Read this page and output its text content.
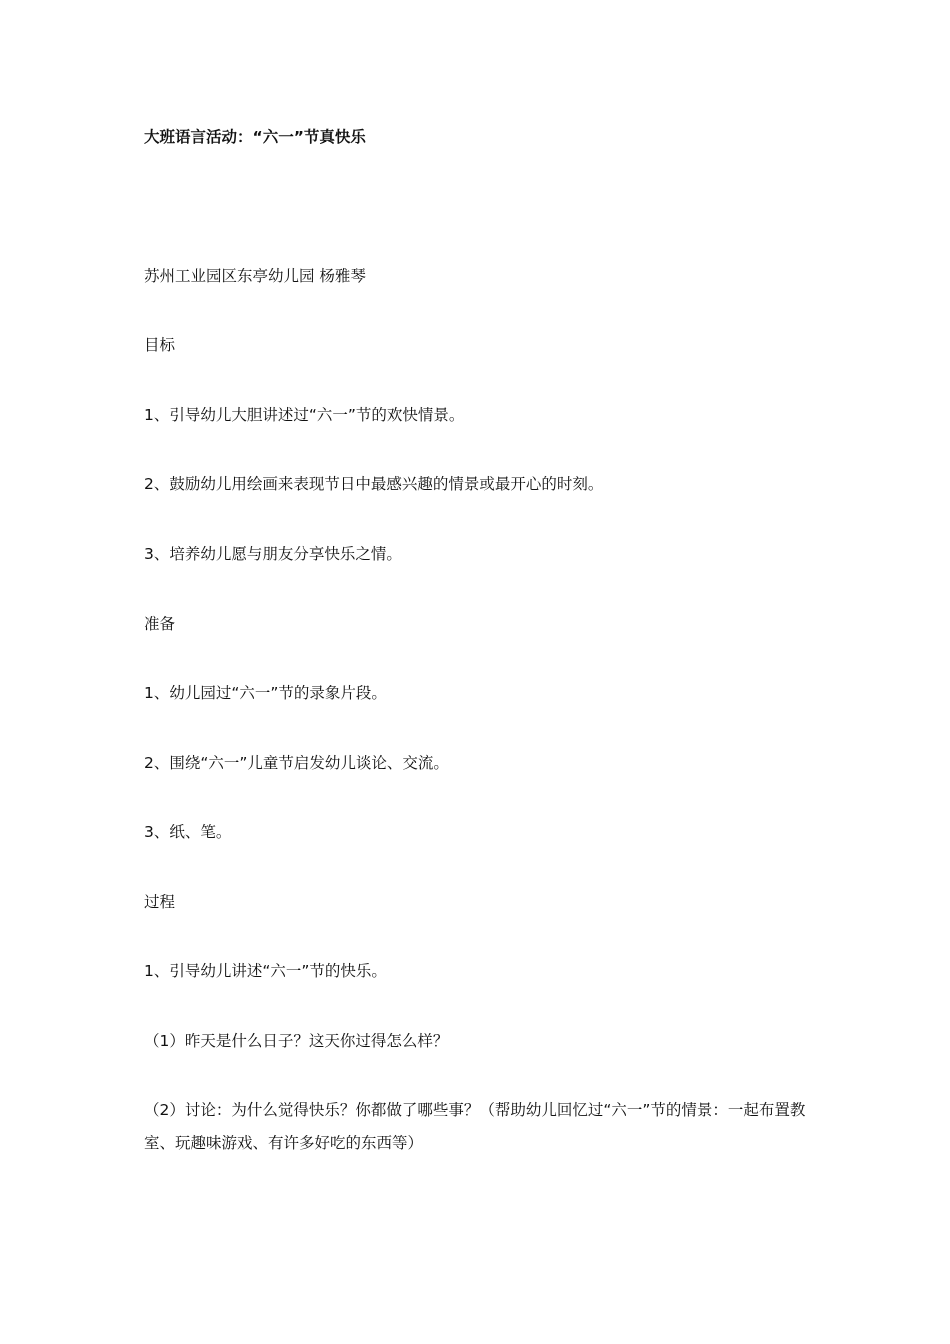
大班语言活动：“六一”节真快乐
苏州工业园区东亭幼儿园 杨雅琴
目标
1、引导幼儿大胆讲述过“六一”节的欢快情景。
2、鼓励幼儿用绘画来表现节日中最感兴趣的情景或最开心的时刻。
3、培养幼儿愿与朋友分享快乐之情。
准备
1、幼儿园过“六一”节的录象片段。
2、围绕“六一”儿童节启发幼儿谈论、交流。
3、纸、笔。
过程
1、引导幼儿讲述“六一”节的快乐。
（1）昨天是什么日子？这天你过得怎么样？
（2）讨论：为什么觉得快乐？你都做了哪些事？（帮助幼儿回忆过“六一”节的情景：一起布置教室、玩趣味游戏、有许多好吃的东西等）
